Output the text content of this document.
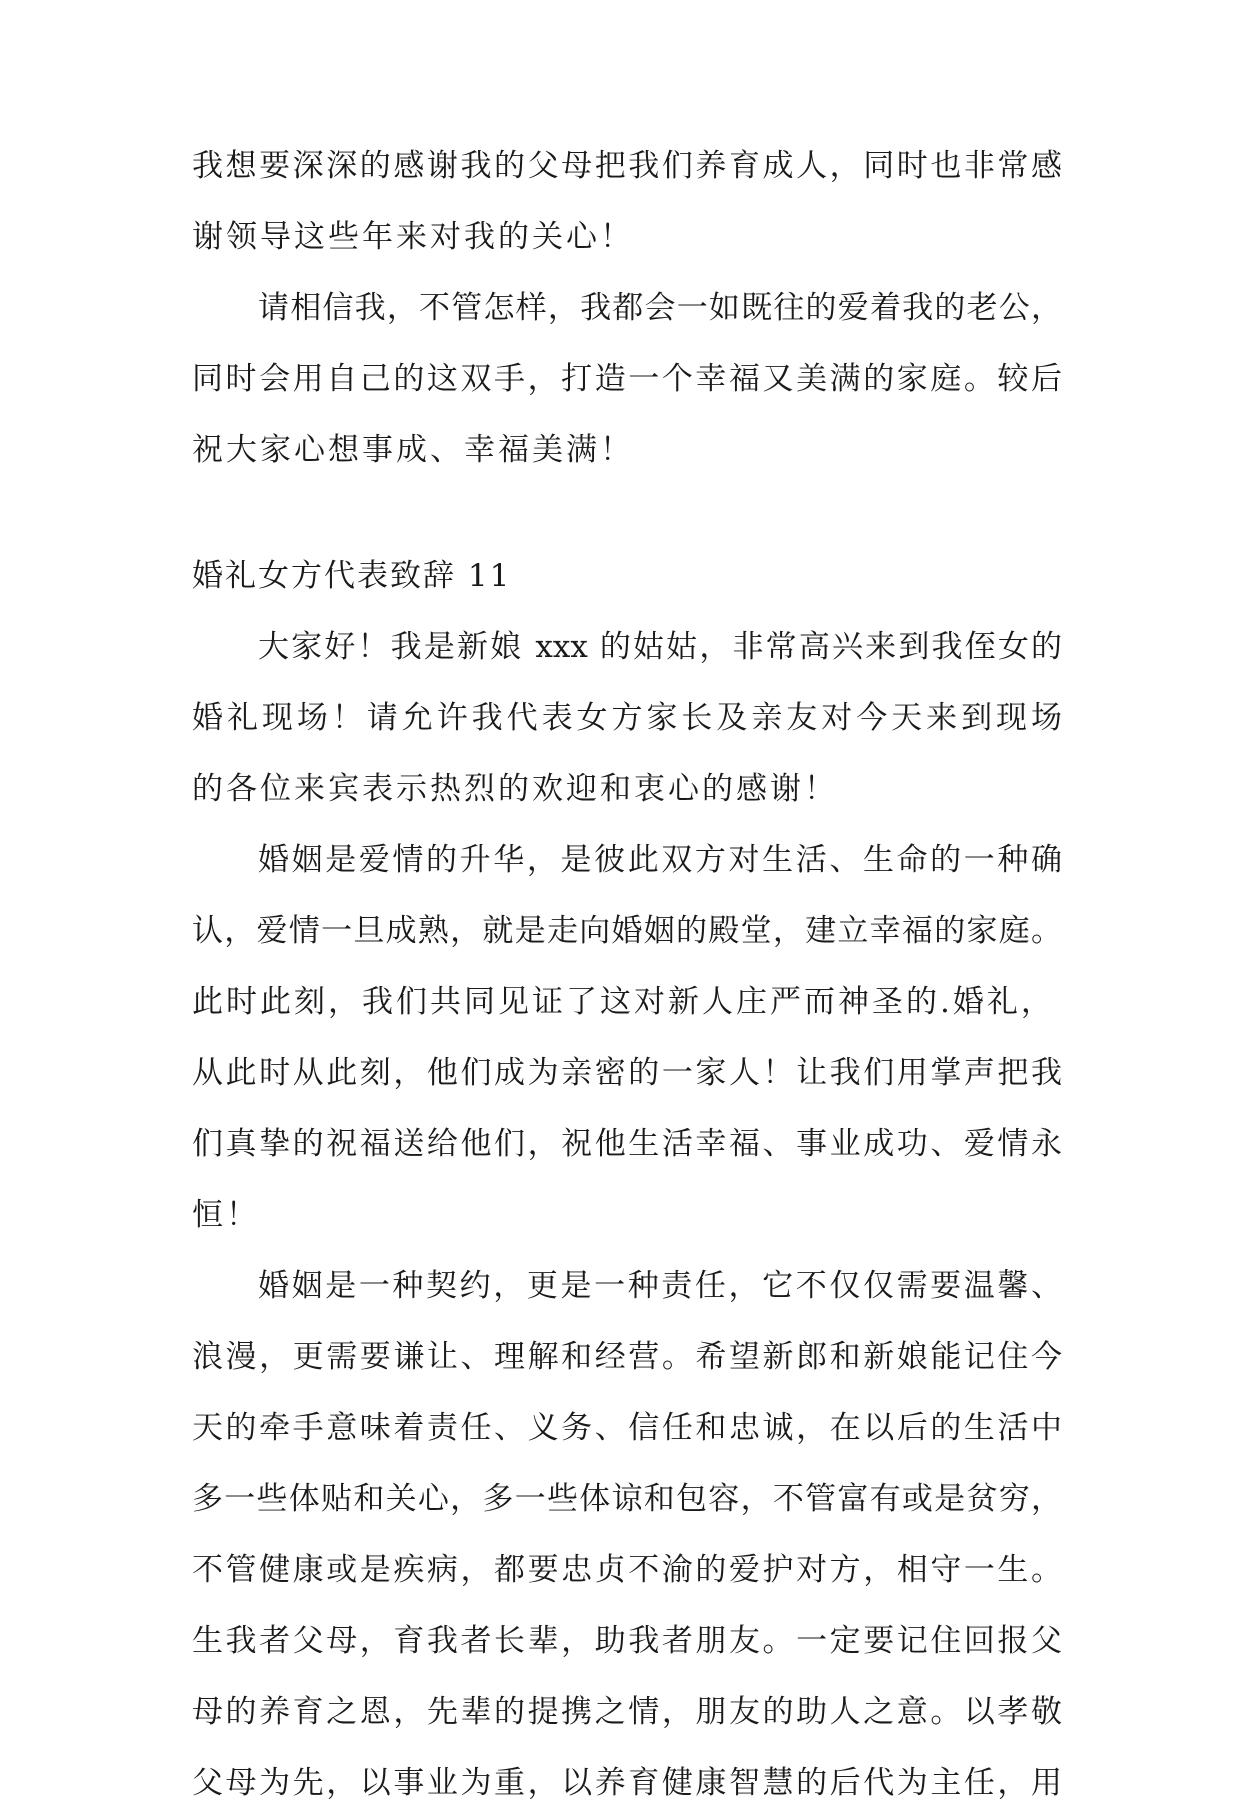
我想要深深的感谢我的父母把我们养育成人，同时也非常感
谢领导这些年来对我的关心！
请相信我，不管怎样，我都会一如既往的爱着我的老公，
同时会用自己的这双手，打造一个幸福又美满的家庭。较后
祝大家心想事成、幸福美满！
婚礼女方代表致辞 11
大家好！我是新娘 xxx 的姑姑，非常高兴来到我侄女的
婚礼现场！请允许我代表女方家长及亲友对今天来到现场
的各位来宾表示热烈的欢迎和衷心的感谢！
婚姻是爱情的升华，是彼此双方对生活、生命的一种确
认，爱情一旦成熟，就是走向婚姻的殿堂，建立幸福的家庭。
此时此刻，我们共同见证了这对新人庄严而神圣的.婚礼，
从此时从此刻，他们成为亲密的一家人！让我们用掌声把我
们真挚的祝福送给他们，祝他生活幸福、事业成功、爱情永
恒！
婚姻是一种契约，更是一种责任，它不仅仅需要温馨、
浪漫，更需要谦让、理解和经营。希望新郎和新娘能记住今
天的牵手意味着责任、义务、信任和忠诚，在以后的生活中
多一些体贴和关心，多一些体谅和包容，不管富有或是贫穷，
不管健康或是疾病，都要忠贞不渝的爱护对方，相守一生。
生我者父母，育我者长辈，助我者朋友。一定要记住回报父
母的养育之恩，先辈的提携之情，朋友的助人之意。以孝敬
父母为先，以事业为重，以养育健康智慧的后代为主任，用
